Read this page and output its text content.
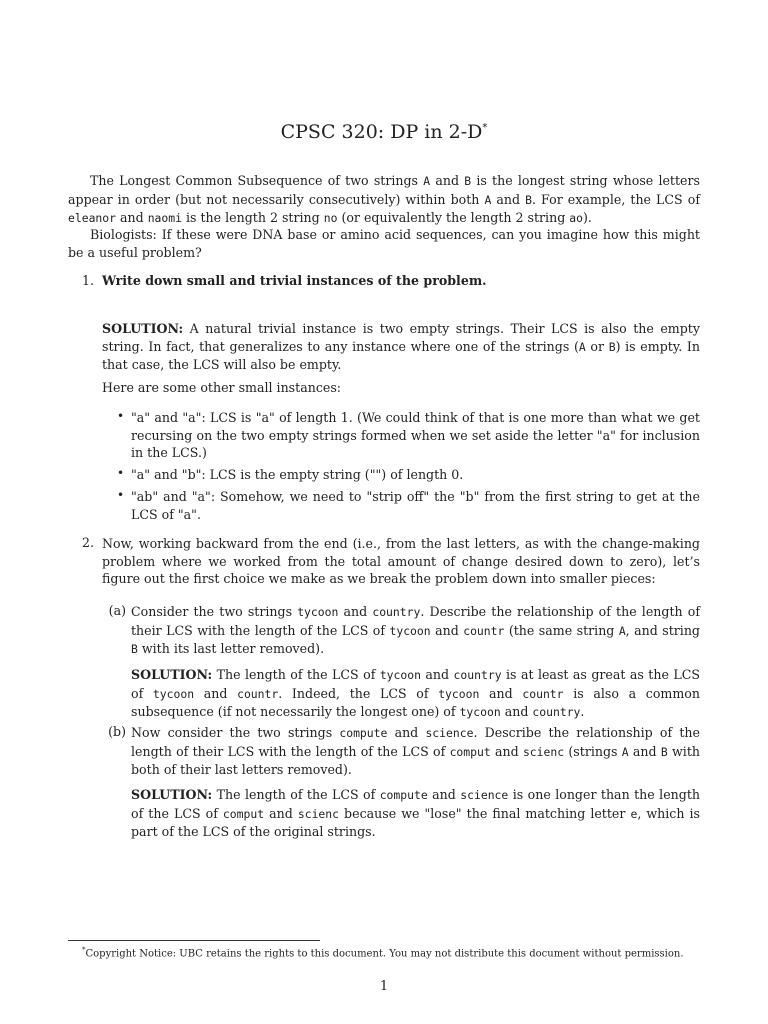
CPSC 320: DP in 2-D*
The Longest Common Subsequence of two strings A and B is the longest string whose letters appear in order (but not necessarily consecutively) within both A and B. For example, the LCS of eleanor and naomi is the length 2 string no (or equivalently the length 2 string ao).
Biologists: If these were DNA base or amino acid sequences, can you imagine how this might be a useful problem?
1. Write down small and trivial instances of the problem.
SOLUTION: A natural trivial instance is two empty strings. Their LCS is also the empty string. In fact, that generalizes to any instance where one of the strings (A or B) is empty. In that case, the LCS will also be empty.
Here are some other small instances:
• "a" and "a": LCS is "a" of length 1. (We could think of that is one more than what we get recursing on the two empty strings formed when we set aside the letter "a" for inclusion in the LCS.)
• "a" and "b": LCS is the empty string ("") of length 0.
• "ab" and "a": Somehow, we need to "strip off" the "b" from the first string to get at the LCS of "a".
2. Now, working backward from the end (i.e., from the last letters, as with the change-making problem where we worked from the total amount of change desired down to zero), let’s figure out the first choice we make as we break the problem down into smaller pieces:
(a) Consider the two strings tycoon and country. Describe the relationship of the length of their LCS with the length of the LCS of tycoon and countr (the same string A, and string B with its last letter removed).
SOLUTION: The length of the LCS of tycoon and country is at least as great as the LCS of tycoon and countr. Indeed, the LCS of tycoon and countr is also a common subsequence (if not necessarily the longest one) of tycoon and country.
(b) Now consider the two strings compute and science. Describe the relationship of the length of their LCS with the length of the LCS of comput and scienc (strings A and B with both of their last letters removed).
SOLUTION: The length of the LCS of compute and science is one longer than the length of the LCS of comput and scienc because we "lose" the final matching letter e, which is part of the LCS of the original strings.
*Copyright Notice: UBC retains the rights to this document. You may not distribute this document without permission.
1
